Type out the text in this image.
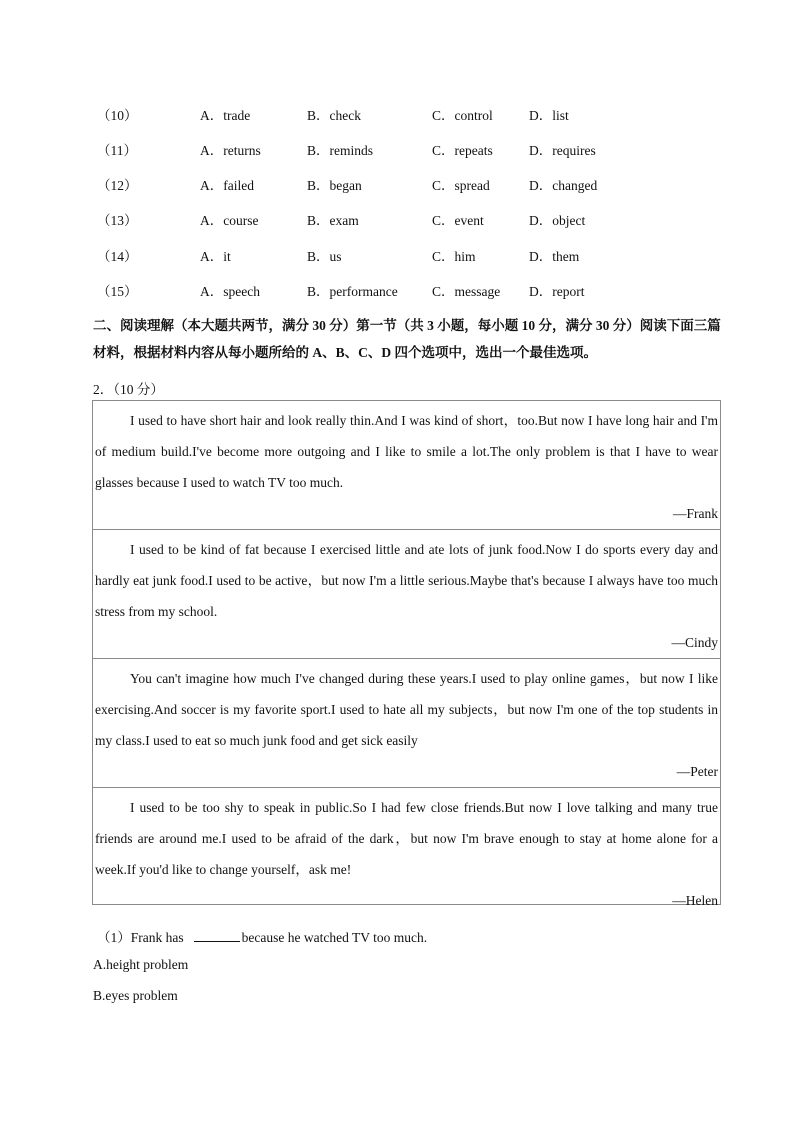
（10）	A．trade	B．check	C．control	D．list
（11）	A．returns	B．reminds	C．repeats	D．requires
（12）	A．failed	B．began	C．spread	D．changed
（13）	A．course	B．exam	C．event	D．object
（14）	A．it	B．us	C．him	D．them
（15）	A．speech	B．performance	C．message D．report
二、阅读理解（本大题共两节，满分 30 分）第一节（共 3 小题，每小题 10 分，满分 30 分）阅读下面三篇材料，根据材料内容从每小题所给的 A、B、C、D 四个选项中，选出一个最佳选项。
2．（10 分）

I used to have short hair and look really thin.And I was kind of short，too.But now I have long hair and I'm of medium build.I've become more outgoing and I like to smile a lot.The only problem is that I have to wear glasses because I used to watch TV too much.

—Frank

I used to be kind of fat because I exercised little and ate lots of junk food.Now I do sports every day and hardly eat junk food.I used to be active，but now I'm a little serious.Maybe that's because I always have too much stress from my school.

—Cindy

You can't imagine how much I've changed during these years.I used to play online games，but now I like exercising.And soccer is my favorite sport.I used to hate all my subjects，but now I'm one of the top students in my class.I used to eat so much junk food and get sick easily

—Peter

I used to be too shy to speak in public.So I had few close friends.But now I love talking and many true friends are around me.I used to be afraid of the dark，but now I'm brave enough to stay at home alone for a week.If you'd like to change yourself，ask me!

—Helen

（1）Frank has	because he watched TV too much.
A.height problem
B.eyes problem
